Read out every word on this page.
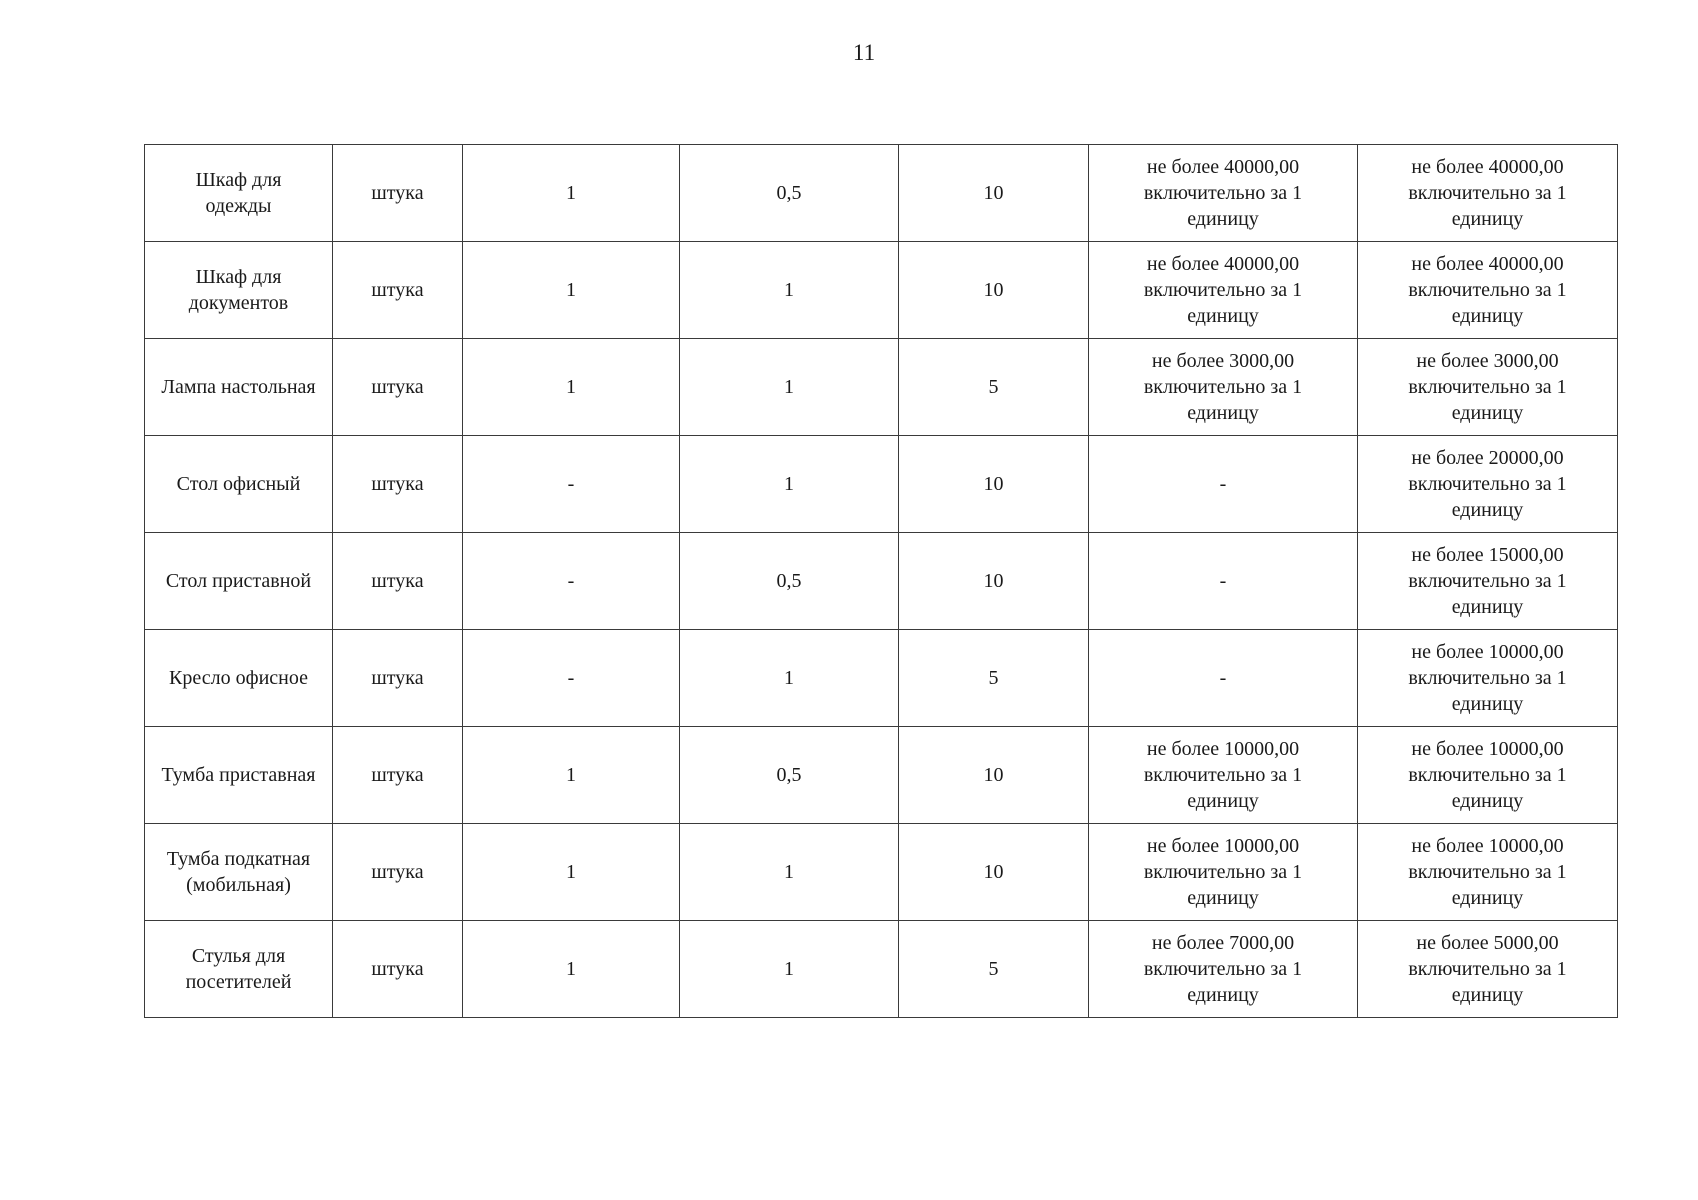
11
Шкаф для
одежды	штука	1	0,5	10	не более 40000,00
включительно за 1
единицу	не более 40000,00
включительно за 1
единицу
Шкаф для
документов	штука	1	1	10	не более 40000,00
включительно за 1
единицу	не более 40000,00
включительно за 1
единицу
Лампа настольная	штука	1	1	5	не более 3000,00
включительно за 1
единицу	не более 3000,00
включительно за 1
единицу
Стол офисный	штука	-	1	10	-	не более 20000,00
включительно за 1
единицу
Стол приставной	штука	-	0,5	10	-	не более 15000,00
включительно за 1
единицу
Кресло офисное	штука	-	1	5	-	не более 10000,00
включительно за 1
единицу
Тумба приставная	штука	1	0,5	10	не более 10000,00
включительно за 1
единицу	не более 10000,00
включительно за 1
единицу
Тумба подкатная
(мобильная)	штука	1	1	10	не более 10000,00
включительно за 1
единицу	не более 10000,00
включительно за 1
единицу
Стулья для
посетителей	штука	1	1	5	не более 7000,00
включительно за 1
единицу	не более 5000,00
включительно за 1
единицу
